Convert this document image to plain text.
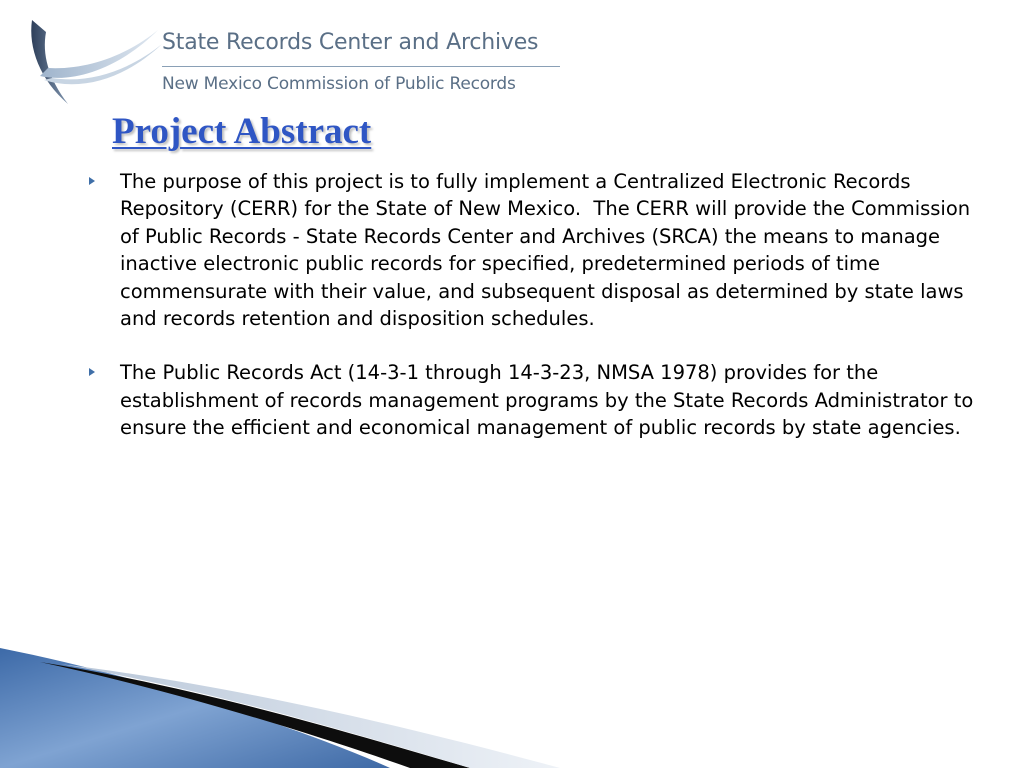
State Records Center and Archives
New Mexico Commission of Public Records
Project Abstract
The purpose of this project is to fully implement a Centralized Electronic Records Repository (CERR) for the State of New Mexico.  The CERR will provide the Commission of Public Records - State Records Center and Archives (SRCA) the means to manage inactive electronic public records for specified, predetermined periods of time commensurate with their value, and subsequent disposal as determined by state laws and records retention and disposition schedules.
The Public Records Act (14-3-1 through 14-3-23, NMSA 1978) provides for the establishment of records management programs by the State Records Administrator to ensure the efficient and economical management of public records by state agencies.
